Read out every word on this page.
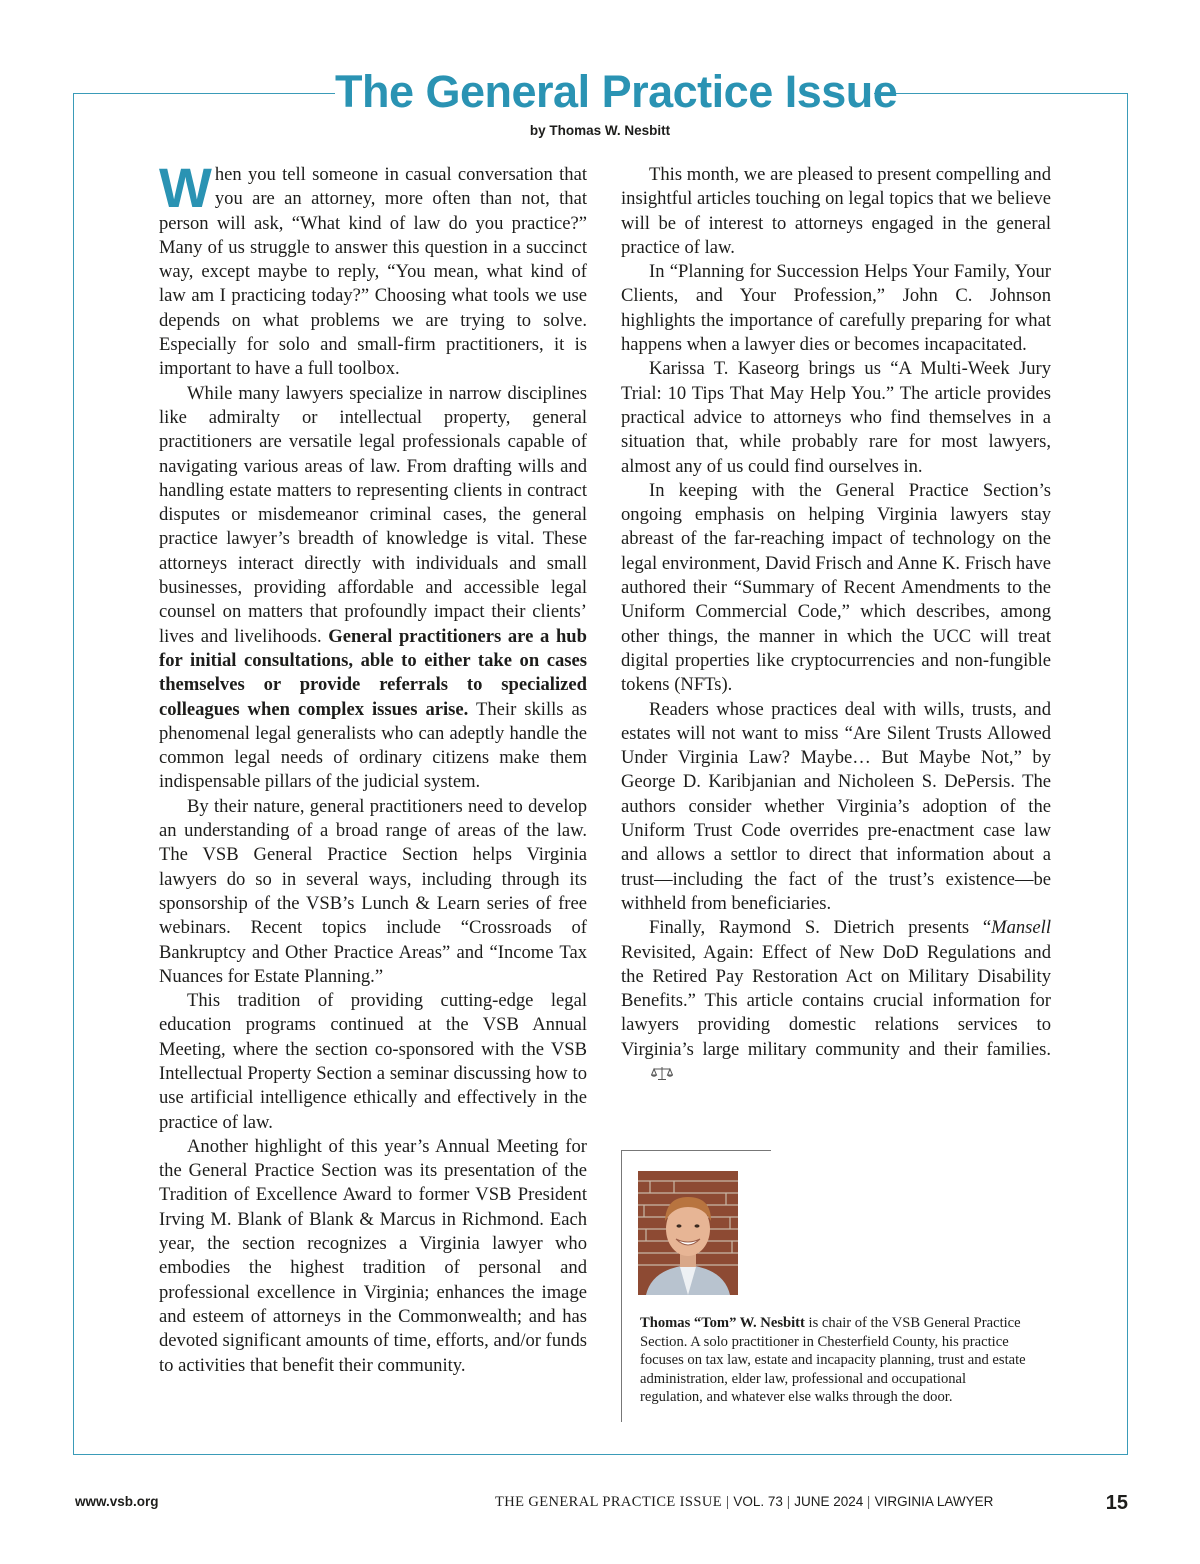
The General Practice Issue
by Thomas W. Nesbitt

When you tell someone in casual conversation that you are an attorney, more often than not, that person will ask, “What kind of law do you practice?” Many of us struggle to answer this question in a succinct way, except maybe to reply, “You mean, what kind of law am I practicing today?” Choosing what tools we use depends on what problems we are trying to solve. Especially for solo and small-firm practitioners, it is important to have a full toolbox.

While many lawyers specialize in narrow disciplines like admiralty or intellectual property, general practitioners are versatile legal professionals capable of navigating various areas of law. From drafting wills and handling estate matters to representing clients in contract disputes or misdemeanor criminal cases, the general practice lawyer’s breadth of knowledge is vital. These attorneys interact directly with individuals and small businesses, providing affordable and accessible legal counsel on matters that profoundly impact their clients’ lives and livelihoods. General practitioners are a hub for initial consultations, able to either take on cases themselves or provide referrals to specialized colleagues when complex issues arise. Their skills as phenomenal legal generalists who can adeptly handle the common legal needs of ordinary citizens make them indispensable pillars of the judicial system.

By their nature, general practitioners need to develop an understanding of a broad range of areas of the law. The VSB General Practice Section helps Virginia lawyers do so in several ways, including through its sponsorship of the VSB’s Lunch & Learn series of free webinars. Recent topics include “Crossroads of Bankruptcy and Other Practice Areas” and “Income Tax Nuances for Estate Planning.”

This tradition of providing cutting-edge legal education programs continued at the VSB Annual Meeting, where the section co-sponsored with the VSB Intellectual Property Section a seminar discussing how to use artificial intelligence ethically and effectively in the practice of law.

Another highlight of this year’s Annual Meeting for the General Practice Section was its presentation of the Tradition of Excellence Award to former VSB President Irving M. Blank of Blank & Marcus in Richmond. Each year, the section recognizes a Virginia lawyer who embodies the highest tradition of personal and professional excellence in Virginia; enhances the image and esteem of attorneys in the Commonwealth; and has devoted significant amounts of time, efforts, and/or funds to activities that benefit their community.

This month, we are pleased to present compelling and insightful articles touching on legal topics that we believe will be of interest to attorneys engaged in the general practice of law.

In “Planning for Succession Helps Your Family, Your Clients, and Your Profession,” John C. Johnson highlights the importance of carefully preparing for what happens when a lawyer dies or becomes incapacitated.

Karissa T. Kaseorg brings us “A Multi-Week Jury Trial: 10 Tips That May Help You.” The article provides practical advice to attorneys who find themselves in a situation that, while probably rare for most lawyers, almost any of us could find ourselves in.

In keeping with the General Practice Section’s ongoing emphasis on helping Virginia lawyers stay abreast of the far-reaching impact of technology on the legal environment, David Frisch and Anne K. Frisch have authored their “Summary of Recent Amendments to the Uniform Commercial Code,” which describes, among other things, the manner in which the UCC will treat digital properties like cryptocurrencies and non-fungible tokens (NFTs).

Readers whose practices deal with wills, trusts, and estates will not want to miss “Are Silent Trusts Allowed Under Virginia Law? Maybe… But Maybe Not,” by George D. Karibjanian and Nicholeen S. DePersis. The authors consider whether Virginia’s adoption of the Uniform Trust Code overrides pre-enactment case law and allows a settlor to direct that information about a trust—including the fact of the trust’s existence—be withheld from beneficiaries.

Finally, Raymond S. Dietrich presents “Mansell Revisited, Again: Effect of New DoD Regulations and the Retired Pay Restoration Act on Military Disability Benefits.” This article contains crucial information for lawyers providing domestic relations services to Virginia’s large military community and their families.

Thomas “Tom” W. Nesbitt is chair of the VSB General Practice Section. A solo practitioner in Chesterfield County, his practice focuses on tax law, estate and incapacity planning, trust and estate administration, elder law, professional and occupational regulation, and whatever else walks through the door.
www.vsb.org	THE GENERAL PRACTICE ISSUE | VOL. 73 | JUNE 2024 | VIRGINIA LAWYER	15
